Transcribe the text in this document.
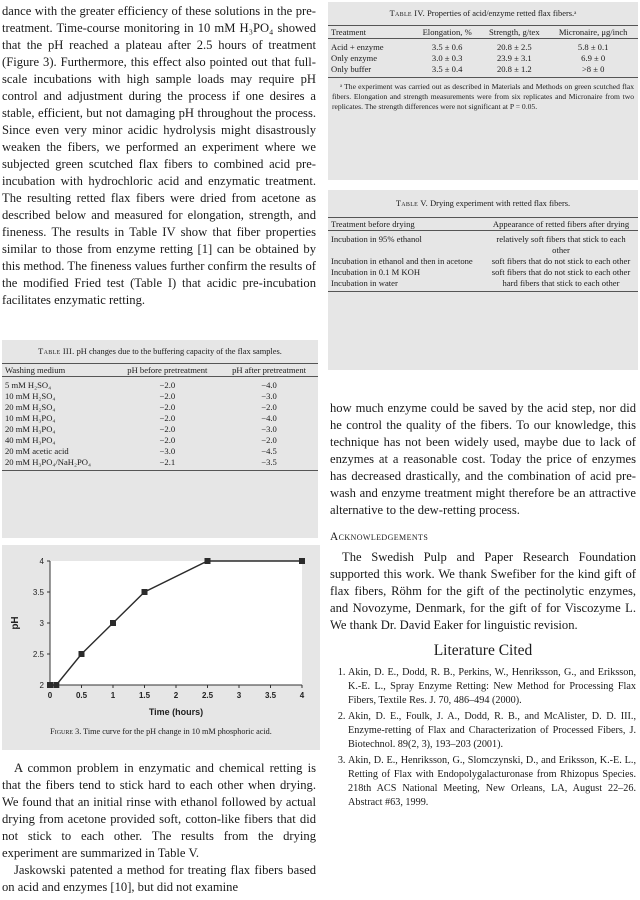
dance with the greater efficiency of these solutions in the pre-treatment. Time-course monitoring in 10 mM H₃PO₄ showed that the pH reached a plateau after 2.5 hours of treatment (Figure 3). Furthermore, this effect also pointed out that full-scale incubations with high sample loads may require pH control and adjustment during the process if one desires a stable, efficient, but not damaging pH throughout the process. Since even very minor acidic hydrolysis might disastrously weaken the fibers, we performed an experiment where we subjected green scutched flax fibers to combined acid pre-incubation with hydrochloric acid and enzymatic treatment. The resulting retted flax fibers were dried from acetone as described below and measured for elongation, strength, and fineness. The results in Table IV show that fiber properties similar to those from enzyme retting [1] can be obtained by this method. The fineness values further confirm the results of the modified Fried test (Table I) that acidic pre-incubation facilitates enzymatic retting.

Table III. pH changes due to the buffering capacity of the flax samples.

Washing medium	pH before pretreatment	pH after pretreatment
5 mM H₂SO₄	−2.0	−4.0
10 mM H₂SO₄	−2.0	−3.0
20 mM H₂SO₄	−2.0	−2.0
10 mM H₃PO₄	−2.0	−4.0
20 mM H₃PO₄	−2.0	−3.0
40 mM H₃PO₄	−2.0	−2.0
20 mM acetic acid	−3.0	−4.5
20 mM H₃PO₄/NaH₂PO₄	−2.1	−3.5
0	0.5	1	1.5	2	2.5	3	3.5	4
2
2.5
3
3.5
4
Time (hours)
pH
Figure 3. Time curve for the pH change in 10 mM phosphoric acid.

A common problem in enzymatic and chemical retting is that the fibers tend to stick hard to each other when drying. We found that an initial rinse with ethanol followed by actual drying from acetone provided soft, cotton-like fibers that did not stick to each other. The results from the drying experiment are summarized in Table V.

Jaskowski patented a method for treating flax fibers based on acid and enzymes [10], but did not examine

Table IV. Properties of acid/enzyme retted flax fibers.ᵃ

Treatment	Elongation, %	Strength, g/tex	Micronaire, μg/inch
Acid + enzyme	3.5 ± 0.6	20.8 ± 2.5	5.8 ± 0.1
Only enzyme	3.0 ± 0.3	23.9 ± 3.1	6.9 ± 0
Only buffer	3.5 ± 0.4	20.8 ± 1.2	>8 ± 0

ᵃ The experiment was carried out as described in Materials and Methods on green scutched flax fibers. Elongation and strength measurements were from six replicates and Micronaire from two replicates. The strength differences were not significant at P = 0.05.

Table V. Drying experiment with retted flax fibers.

Treatment before drying	Appearance of retted fibers after drying
Incubation in 95% ethanol	relatively soft fibers that stick to each other
Incubation in ethanol and then in acetone	soft fibers that do not stick to each other
Incubation in 0.1 M KOH	soft fibers that do not stick to each other
Incubation in water	hard fibers that stick to each other

how much enzyme could be saved by the acid step, nor did he control the quality of the fibers. To our knowledge, this technique has not been widely used, maybe due to lack of enzymes at a reasonable cost. Today the price of enzymes has decreased drastically, and the combination of acid pre-wash and enzyme treatment might therefore be an attractive alternative to the dew-retting process.

Acknowledgements

The Swedish Pulp and Paper Research Foundation supported this work. We thank Swefiber for the kind gift of flax fibers, Röhm for the gift of the pectinolytic enzymes, and Novozyme, Denmark, for the gift of for Viscozyme L. We thank Dr. David Eaker for linguistic revision.

Literature Cited
1. Akin, D. E., Dodd, R. B., Perkins, W., Henriksson, G., and Eriksson, K.-E. L., Spray Enzyme Retting: New Method for Processing Flax Fibers, Textile Res. J. 70, 486–494 (2000).
2. Akin, D. E., Foulk, J. A., Dodd, R. B., and McAlister, D. D. III., Enzyme-retting of Flax and Characterization of Processed Fibers, J. Biotechnol. 89(2, 3), 193–203 (2001).
3. Akin, D. E., Henriksson, G., Slomczynski, D., and Eriksson, K.-E. L., Retting of Flax with Endopolygalacturonase from Rhizopus Species. 218th ACS National Meeting, New Orleans, LA, August 22–26. Abstract #63, 1999.
